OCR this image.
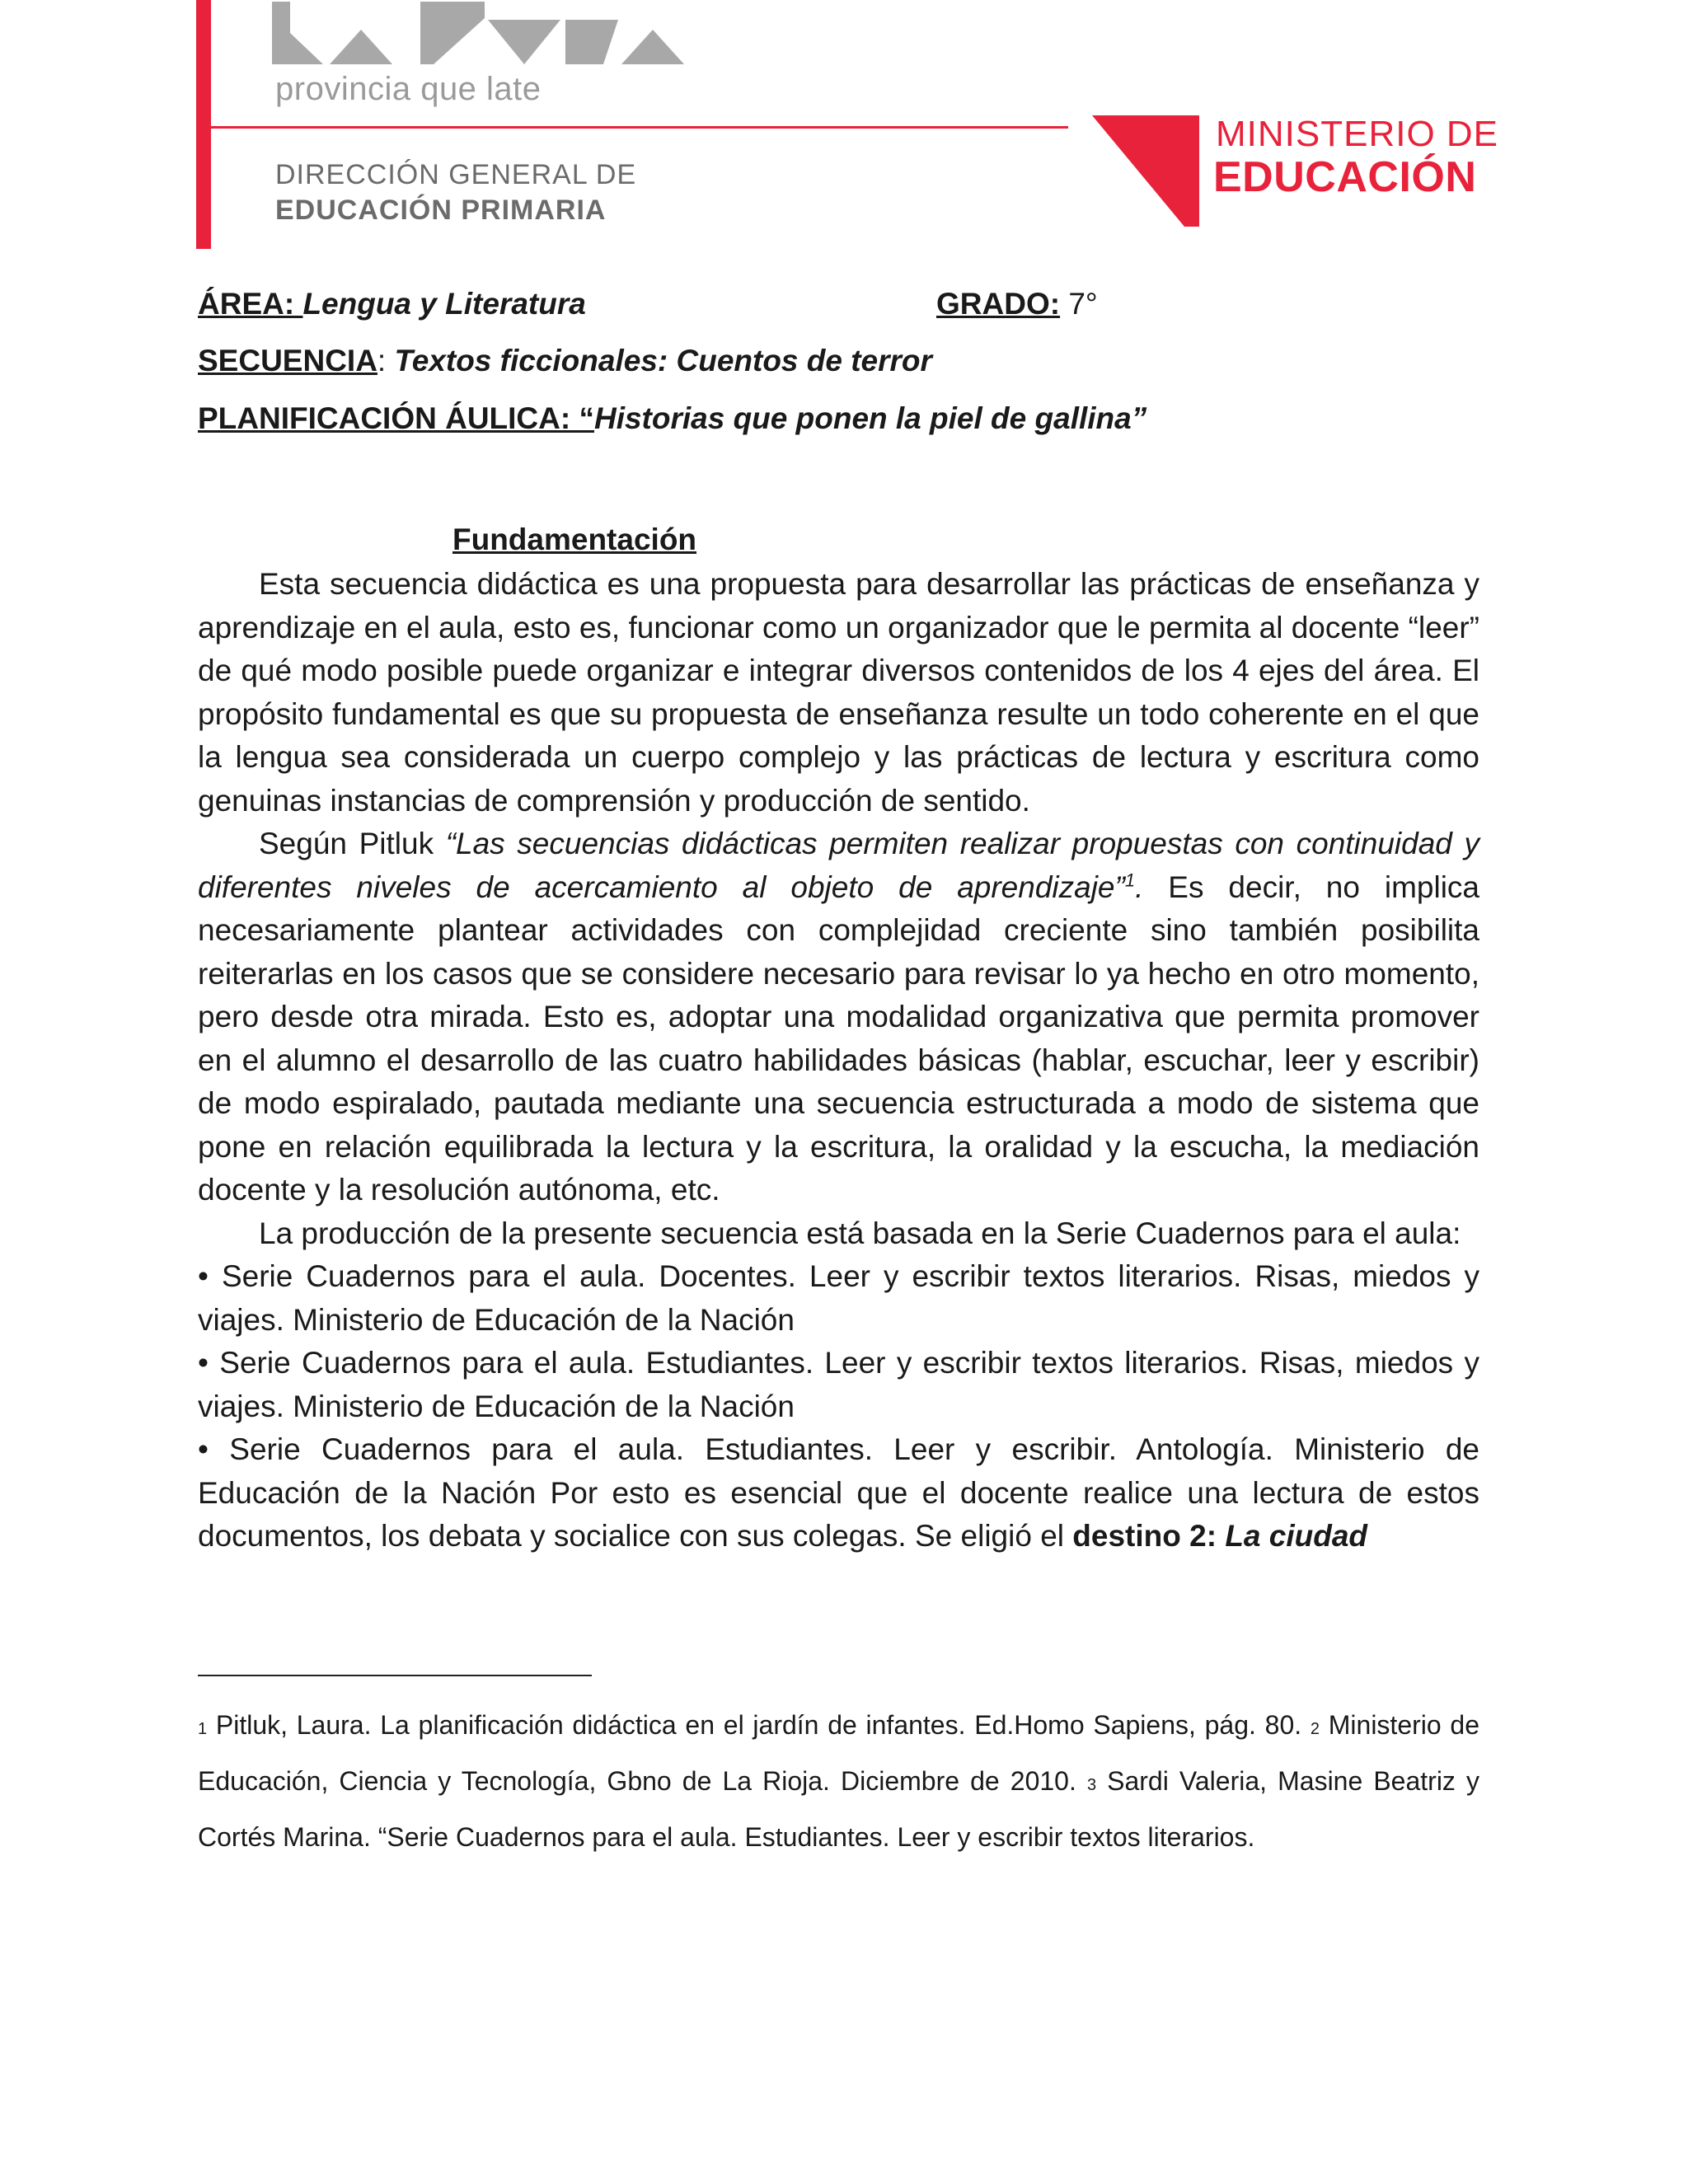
provincia que late
DIRECCIÓN GENERAL DE
EDUCACIÓN PRIMARIA
MINISTERIO DE
EDUCACIÓN
ÁREA: Lengua y Literatura	GRADO: 7°
SECUENCIA: Textos ficcionales: Cuentos de terror
PLANIFICACIÓN ÁULICA: “Historias que ponen la piel de gallina”
Fundamentación

Esta secuencia didáctica es una propuesta para desarrollar las prácticas de enseñanza y aprendizaje en el aula, esto es, funcionar como un organizador que le permita al docente “leer” de qué modo posible puede organizar e integrar diversos contenidos de los 4 ejes del área. El propósito fundamental es que su propuesta de enseñanza resulte un todo coherente en el que la lengua sea considerada un cuerpo complejo y las prácticas de lectura y escritura como genuinas instancias de comprensión y producción de sentido.

Según Pitluk “Las secuencias didácticas permiten realizar propuestas con continuidad y diferentes niveles de acercamiento al objeto de aprendizaje”$^1$. Es decir, no implica necesariamente plantear actividades con complejidad creciente sino también posibilita reiterarlas en los casos que se considere necesario para revisar lo ya hecho en otro momento, pero desde otra mirada. Esto es, adoptar una modalidad organizativa que permita promover en el alumno el desarrollo de las cuatro habilidades básicas (hablar, escuchar, leer y escribir) de modo espiralado, pautada mediante una secuencia estructurada a modo de sistema que pone en relación equilibrada la lectura y la escritura, la oralidad y la escucha, la mediación docente y la resolución autónoma, etc.

La producción de la presente secuencia está basada en la Serie Cuadernos para el aula:

• Serie Cuadernos para el aula. Docentes. Leer y escribir textos literarios. Risas, miedos y viajes. Ministerio de Educación de la Nación

• Serie Cuadernos para el aula. Estudiantes. Leer y escribir textos literarios. Risas, miedos y viajes. Ministerio de Educación de la Nación

• Serie Cuadernos para el aula. Estudiantes. Leer y escribir. Antología. Ministerio de Educación de la Nación Por esto es esencial que el docente realice una lectura de estos documentos, los debata y socialice con sus colegas. Se eligió el destino 2: La ciudad

1 Pitluk, Laura. La planificación didáctica en el jardín de infantes. Ed.Homo Sapiens, pág. 80. 2 Ministerio de Educación, Ciencia y Tecnología, Gbno de La Rioja. Diciembre de 2010. 3 Sardi Valeria, Masine Beatriz y Cortés Marina. “Serie Cuadernos para el aula. Estudiantes. Leer y escribir textos literarios.
